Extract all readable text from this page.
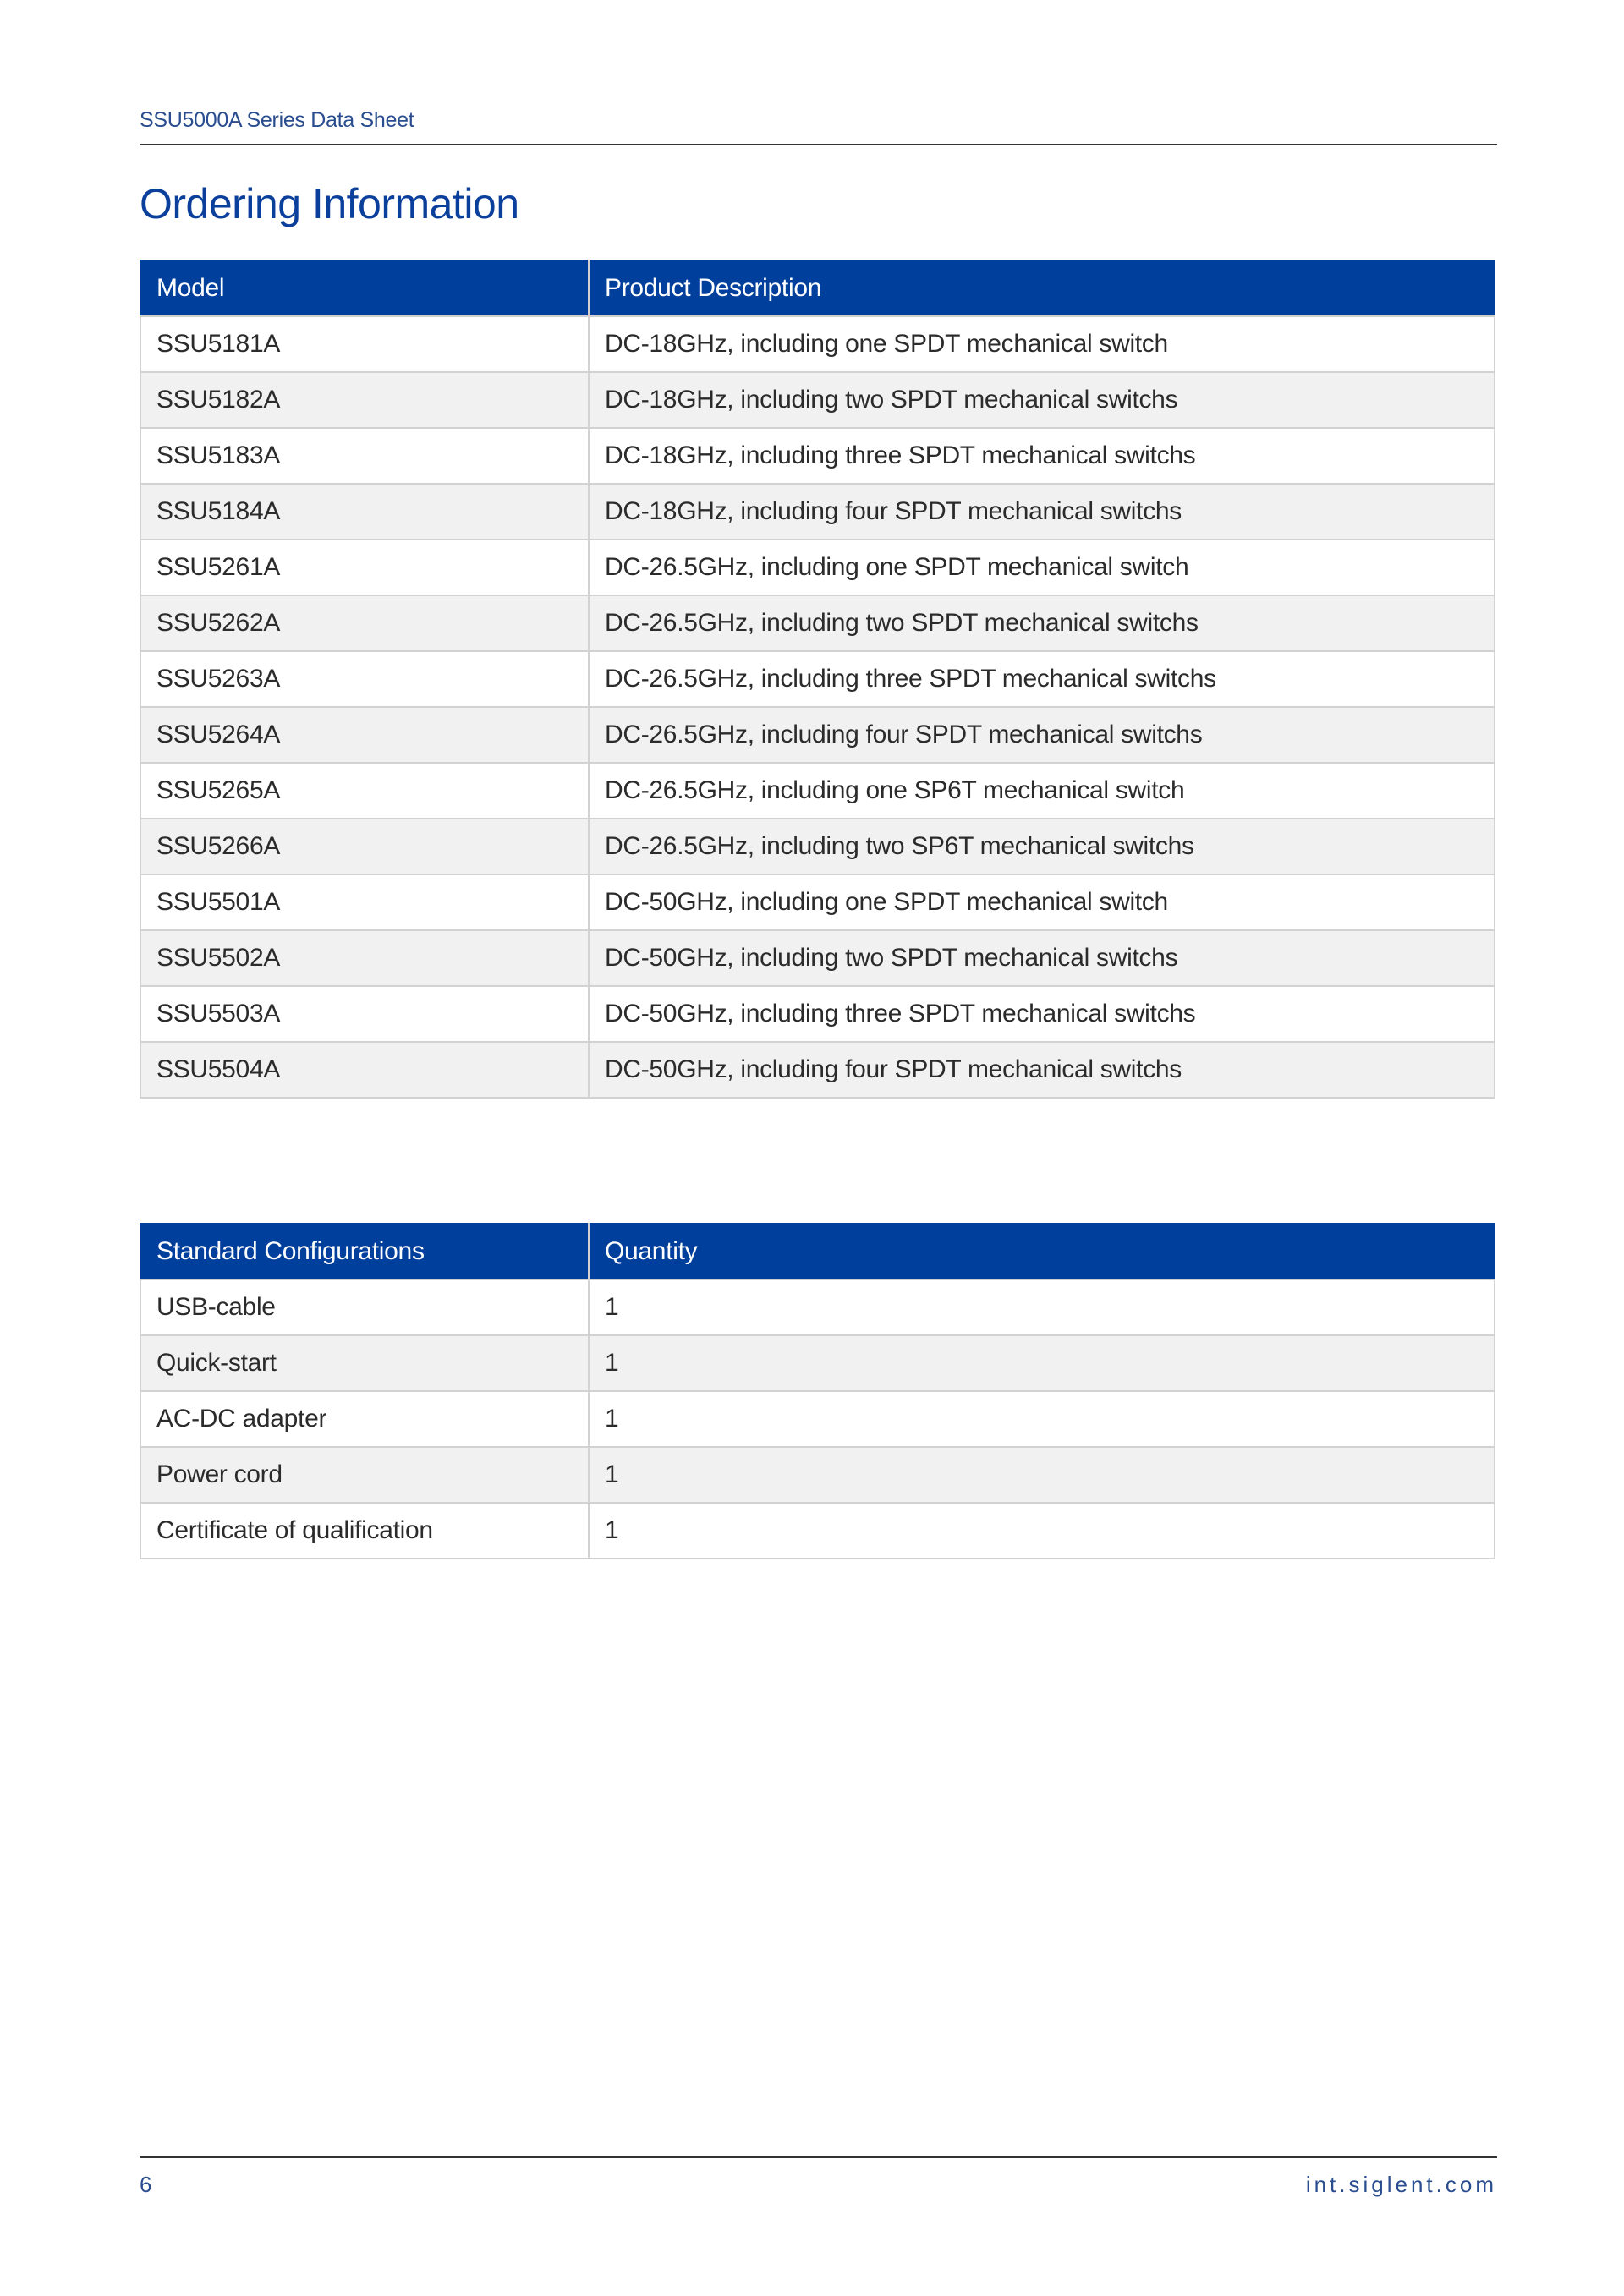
SSU5000A Series Data Sheet
Ordering Information
Model	Product Description
SSU5181A	DC-18GHz, including one SPDT mechanical switch
SSU5182A	DC-18GHz, including two SPDT mechanical switchs
SSU5183A	DC-18GHz, including three SPDT mechanical switchs
SSU5184A	DC-18GHz, including four SPDT mechanical switchs
SSU5261A	DC-26.5GHz, including one SPDT mechanical switch
SSU5262A	DC-26.5GHz, including two SPDT mechanical switchs
SSU5263A	DC-26.5GHz, including three SPDT mechanical switchs
SSU5264A	DC-26.5GHz, including four SPDT mechanical switchs
SSU5265A	DC-26.5GHz, including one SP6T mechanical switch
SSU5266A	DC-26.5GHz, including two SP6T mechanical switchs
SSU5501A	DC-50GHz, including one SPDT mechanical switch
SSU5502A	DC-50GHz, including two SPDT mechanical switchs
SSU5503A	DC-50GHz, including three SPDT mechanical switchs
SSU5504A	DC-50GHz, including four SPDT mechanical switchs
Standard Configurations	Quantity
USB-cable	1
Quick-start	1
AC-DC adapter	1
Power cord	1
Certificate of qualification	1
6	int.siglent.com
